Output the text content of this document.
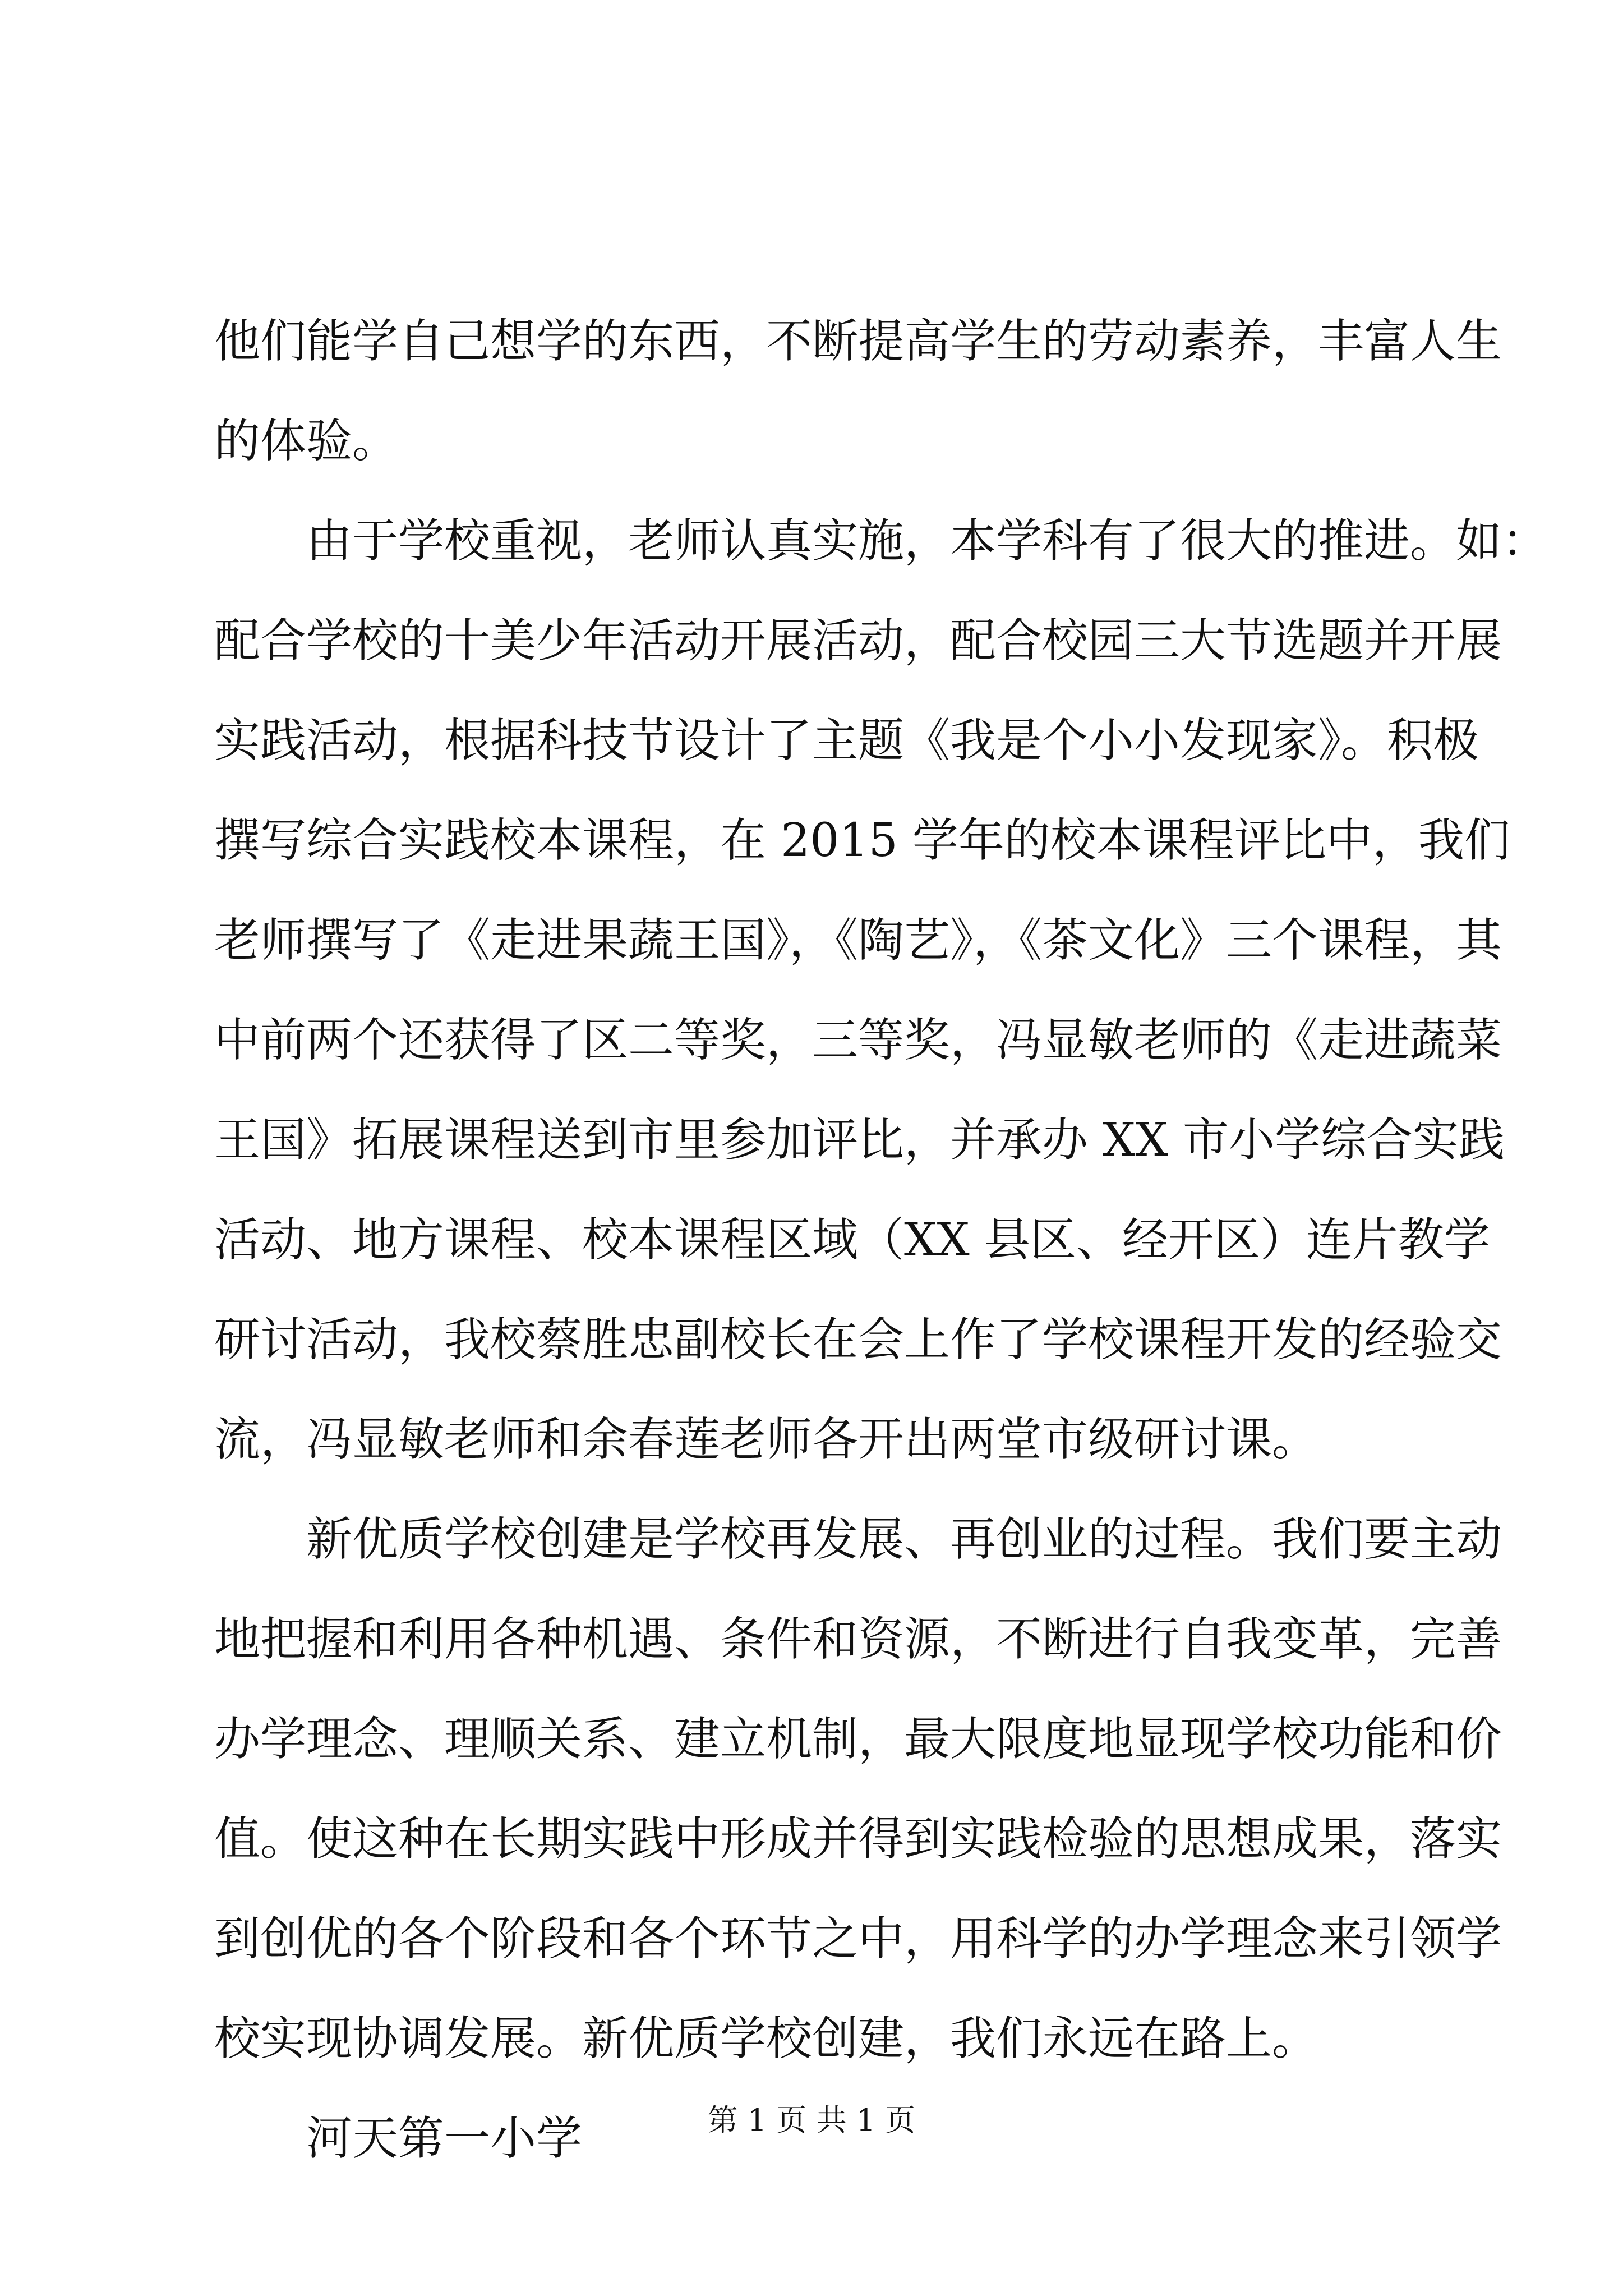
他们能学自己想学的东西，不断提高学生的劳动素养，丰富人生
的体验。
由于学校重视，老师认真实施，本学科有了很大的推进。如：
配合学校的十美少年活动开展活动，配合校园三大节选题并开展
实践活动，根据科技节设计了主题《我是个小小发现家》。积极
撰写综合实践校本课程，在 2015 学年的校本课程评比中，我们
老师撰写了《走进果蔬王国》，《陶艺》，《茶文化》三个课程，其
中前两个还获得了区二等奖，三等奖，冯显敏老师的《走进蔬菜
王国》拓展课程送到市里参加评比，并承办 XX 市小学综合实践
活动、地方课程、校本课程区域（XX 县区、经开区）连片教学
研讨活动，我校蔡胜忠副校长在会上作了学校课程开发的经验交
流，冯显敏老师和余春莲老师各开出两堂市级研讨课。
新优质学校创建是学校再发展、再创业的过程。我们要主动
地把握和利用各种机遇、条件和资源，不断进行自我变革，完善
办学理念、理顺关系、建立机制，最大限度地显现学校功能和价
值。使这种在长期实践中形成并得到实践检验的思想成果，落实
到创优的各个阶段和各个环节之中，用科学的办学理念来引领学
校实现协调发展。新优质学校创建，我们永远在路上。
河天第一小学	第 1 页 共 1 页
